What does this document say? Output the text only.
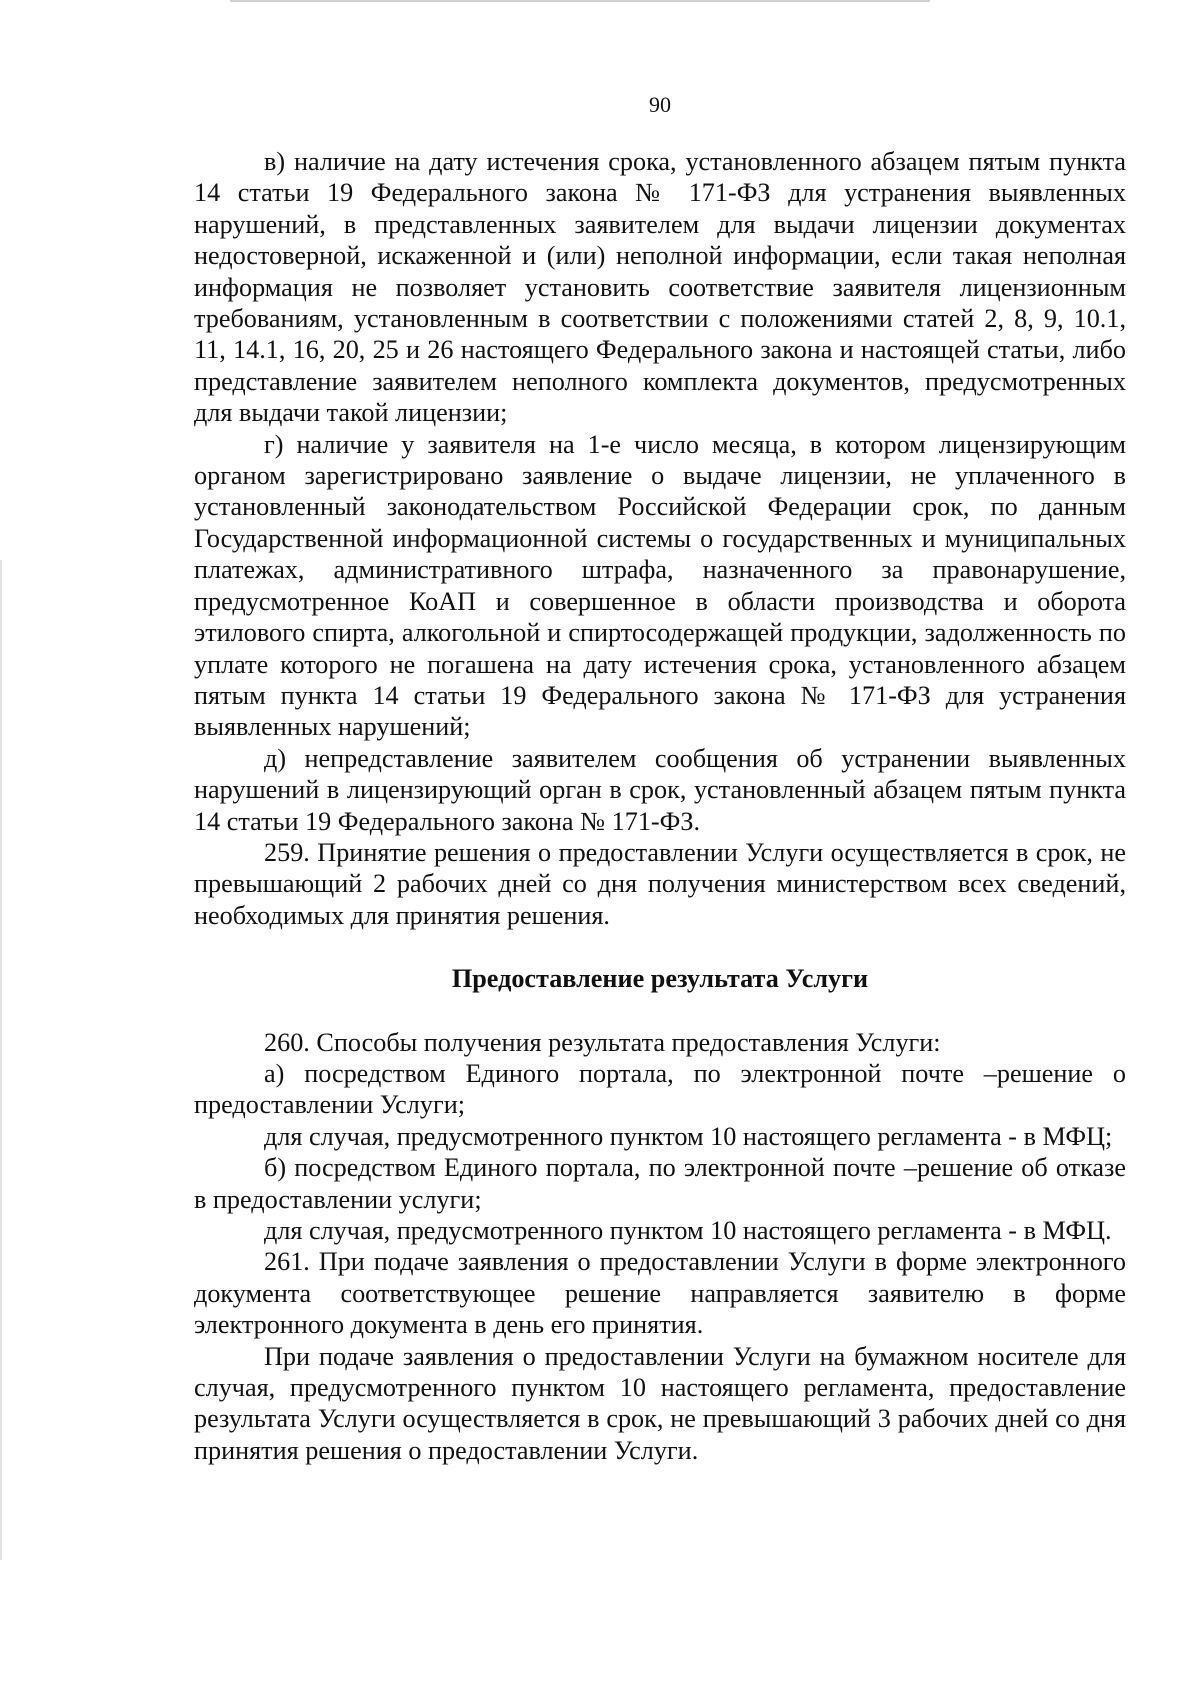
90

в) наличие на дату истечения срока, установленного абзацем пятым пункта 14 статьи 19 Федерального закона № 171-ФЗ для устранения выявленных нарушений, в представленных заявителем для выдачи лицензии документах недостоверной, искаженной и (или) неполной информации, если такая неполная информация не позволяет установить соответствие заявителя лицензионным требованиям, установленным в соответствии с положениями статей 2, 8, 9, 10.1, 11, 14.1, 16, 20, 25 и 26 настоящего Федерального закона и настоящей статьи, либо представление заявителем неполного комплекта документов, предусмотренных для выдачи такой лицензии;

г) наличие у заявителя на 1-е число месяца, в котором лицензирующим органом зарегистрировано заявление о выдаче лицензии, не уплаченного в установленный законодательством Российской Федерации срок, по данным Государственной информационной системы о государственных и муниципальных платежах, административного штрафа, назначенного за правонарушение, предусмотренное КоАП и совершенное в области производства и оборота этилового спирта, алкогольной и спиртосодержащей продукции, задолженность по уплате которого не погашена на дату истечения срока, установленного абзацем пятым пункта 14 статьи 19 Федерального закона № 171-ФЗ для устранения выявленных нарушений;

д) непредставление заявителем сообщения об устранении выявленных нарушений в лицензирующий орган в срок, установленный абзацем пятым пункта 14 статьи 19 Федерального закона № 171-ФЗ.

259. Принятие решения о предоставлении Услуги осуществляется в срок, не превышающий 2 рабочих дней со дня получения министерством всех сведений, необходимых для принятия решения.

Предоставление результата Услуги

260. Способы получения результата предоставления Услуги:

а) посредством Единого портала, по электронной почте –решение о предоставлении Услуги;

для случая, предусмотренного пунктом 10 настоящего регламента - в МФЦ;

б) посредством Единого портала, по электронной почте –решение об отказе в предоставлении услуги;

для случая, предусмотренного пунктом 10 настоящего регламента - в МФЦ.

261. При подаче заявления о предоставлении Услуги в форме электронного документа соответствующее решение направляется заявителю в форме электронного документа в день его принятия.

При подаче заявления о предоставлении Услуги на бумажном носителе для случая, предусмотренного пунктом 10 настоящего регламента, предоставление результата Услуги осуществляется в срок, не превышающий 3 рабочих дней со дня принятия решения о предоставлении Услуги.
